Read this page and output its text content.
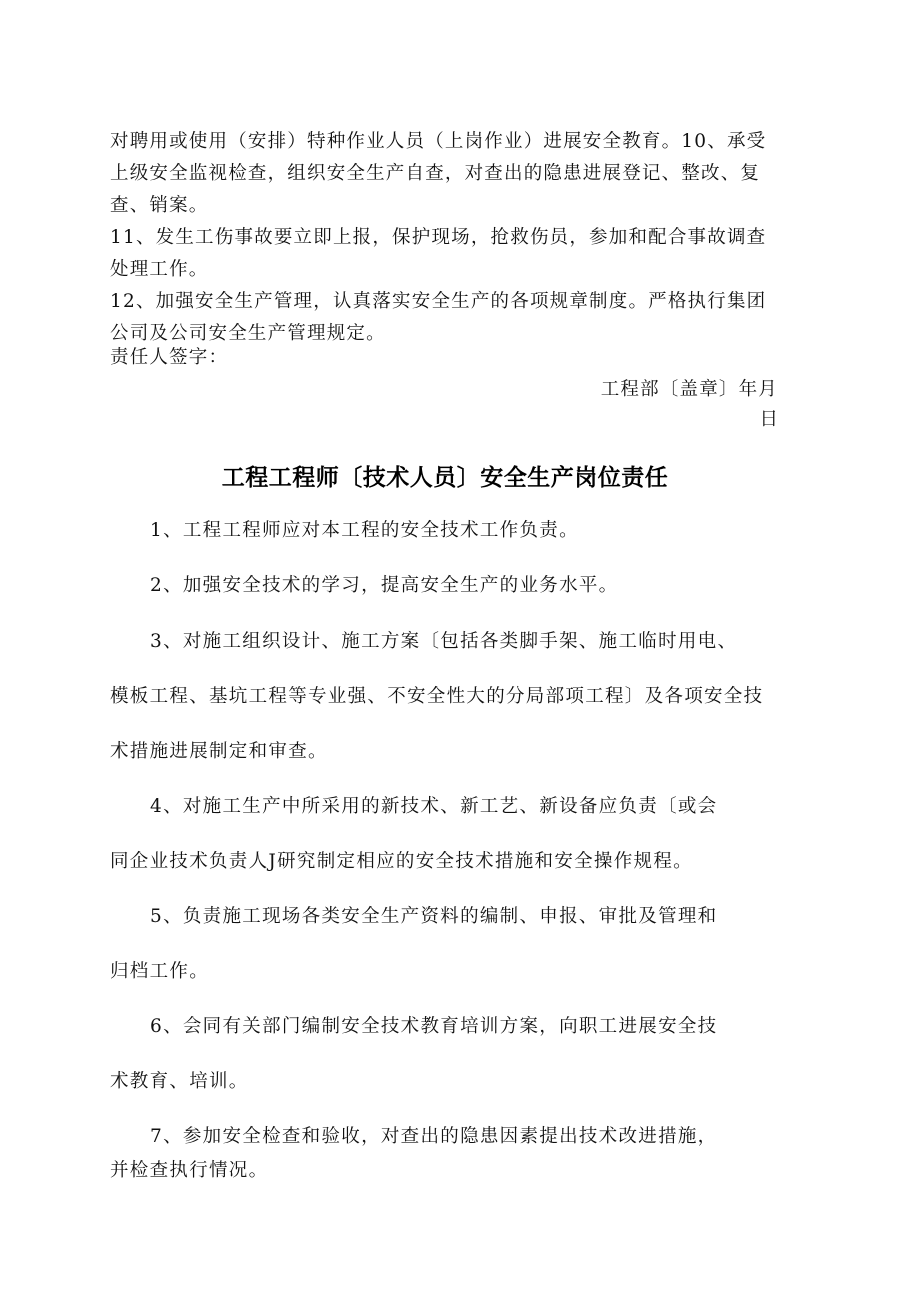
对聘用或使用（安排）特种作业人员（上岗作业）进展安全教育。10、承受

上级安全监视检查，组织安全生产自查，对查出的隐患进展登记、整改、复

查、销案。

11、发生工伤事故要立即上报，保护现场，抢救伤员，参加和配合事故调查

处理工作。

12、加强安全生产管理，认真落实安全生产的各项规章制度。严格执行集团

公司及公司安全生产管理规定。

责任人签字：

工程部〔盖章〕年月

日

工程工程师〔技术人员〕安全生产岗位责任

1、工程工程师应对本工程的安全技术工作负责。

2、加强安全技术的学习，提高安全生产的业务水平。

3、对施工组织设计、施工方案〔包括各类脚手架、施工临时用电、

模板工程、基坑工程等专业强、不安全性大的分局部项工程〕及各项安全技

术措施进展制定和审查。

4、对施工生产中所采用的新技术、新工艺、新设备应负责〔或会

同企业技术负责人J研究制定相应的安全技术措施和安全操作规程。

5、负责施工现场各类安全生产资料的编制、申报、审批及管理和

归档工作。

6、会同有关部门编制安全技术教育培训方案，向职工进展安全技

术教育、培训。

7、参加安全检查和验收，对查出的隐患因素提出技术改进措施，

并检查执行情况。
